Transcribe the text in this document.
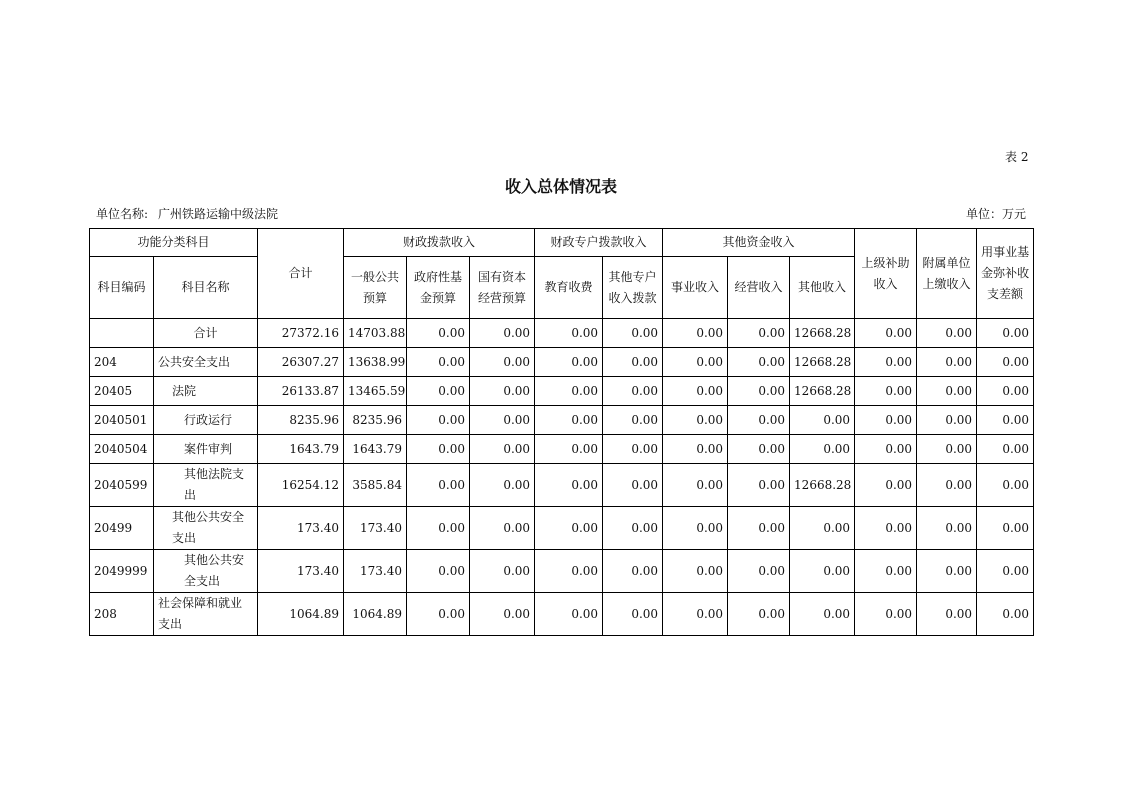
表 2
收入总体情况表
单位名称: 广州铁路运输中级法院	单位：万元
功能分类科目		合计	财政拨款收入			财政专户拨款收入		其他资金收入			上级补助收入	附属单位上缴收入	用事业基金弥补收支差额
科目编码	科目名称		一般公共预算	政府性基金预算	国有资本经营预算	教育收费	其他专户收入拨款	事业收入	经营收入	其他收入			
	合计	27372.16	14703.88	0.00	0.00	0.00	0.00	0.00	0.00	12668.28	0.00	0.00	0.00
204	公共安全支出	26307.27	13638.99	0.00	0.00	0.00	0.00	0.00	0.00	12668.28	0.00	0.00	0.00
20405	法院	26133.87	13465.59	0.00	0.00	0.00	0.00	0.00	0.00	12668.28	0.00	0.00	0.00
2040501	行政运行	8235.96	8235.96	0.00	0.00	0.00	0.00	0.00	0.00	0.00	0.00	0.00	0.00
2040504	案件审判	1643.79	1643.79	0.00	0.00	0.00	0.00	0.00	0.00	0.00	0.00	0.00	0.00
2040599	其他法院支出	16254.12	3585.84	0.00	0.00	0.00	0.00	0.00	0.00	12668.28	0.00	0.00	0.00
20499	其他公共安全支出	173.40	173.40	0.00	0.00	0.00	0.00	0.00	0.00	0.00	0.00	0.00	0.00
2049999	其他公共安全支出	173.40	173.40	0.00	0.00	0.00	0.00	0.00	0.00	0.00	0.00	0.00	0.00
208	社会保障和就业支出	1064.89	1064.89	0.00	0.00	0.00	0.00	0.00	0.00	0.00	0.00	0.00	0.00
